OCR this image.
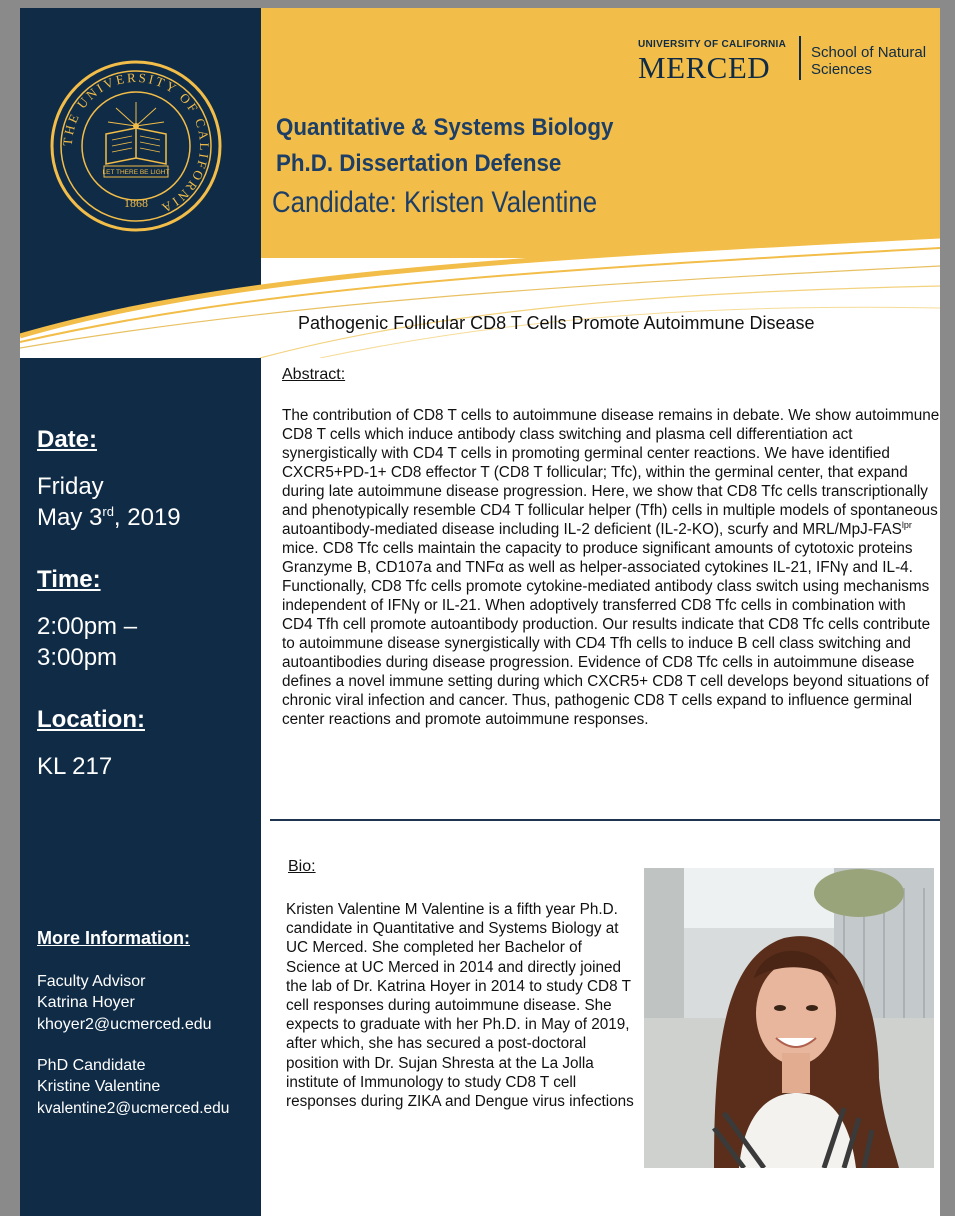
THE UNIVERSITY OF CALIFORNIA
LET THERE BE LIGHT
1868
UNIVERSITY OF CALIFORNIA
MERCED	School of Natural Sciences
Quantitative & Systems Biology
Ph.D. Dissertation Defense
Candidate: Kristen Valentine
Pathogenic Follicular CD8 T Cells Promote Autoimmune Disease
Abstract:

The contribution of CD8 T cells to autoimmune disease remains in debate. We show autoimmune CD8 T cells which induce antibody class switching and plasma cell differentiation act synergistically with CD4 T cells in promoting germinal center reactions. We have identified CXCR5+PD-1+ CD8 effector T (CD8 T follicular; Tfc), within the germinal center, that expand during late autoimmune disease progression. Here, we show that CD8 Tfc cells transcriptionally and phenotypically resemble CD4 T follicular helper (Tfh) cells in multiple models of spontaneous autoantibody-mediated disease including IL-2 deficient (IL-2-KO), scurfy and MRL/$MpJ-FAS^{lpr}$ mice. CD8 Tfc cells maintain the capacity to produce significant amounts of cytotoxic proteins Granzyme B, CD107a and TNFα as well as helper-associated cytokines IL-21, IFNγ and IL-4. Functionally, CD8 Tfc cells promote cytokine-mediated antibody class switch using mechanisms independent of IFNγ or IL-21. When adoptively transferred CD8 Tfc cells in combination with CD4 Tfh cell promote autoantibody production. Our results indicate that CD8 Tfc cells contribute to autoimmune disease synergistically with CD4 Tfh cells to induce B cell class switching and autoantibodies during disease progression. Evidence of CD8 Tfc cells in autoimmune disease defines a novel immune setting during which CXCR5+ CD8 T cell develops beyond situations of chronic viral infection and cancer. Thus, pathogenic CD8 T cells expand to influence germinal center reactions and promote autoimmune responses.

Bio:

Kristen Valentine M Valentine is a fifth year Ph.D. candidate in Quantitative and Systems Biology at UC Merced. She completed her Bachelor of Science at UC Merced in 2014 and directly joined the lab of Dr. Katrina Hoyer in 2014 to study CD8 T cell responses during autoimmune disease. She expects to graduate with her Ph.D. in May of 2019, after which, she has secured a post-doctoral position with Dr. Sujan Shresta at the La Jolla institute of Immunology to study CD8 T cell responses during ZIKA and Dengue virus infections

Date:
Friday
May 3rd, 2019
Time:
2:00pm –
3:00pm
Location:
KL 217
More Information:
Faculty Advisor
Katrina Hoyer
khoyer2@ucmerced.edu
PhD Candidate
Kristine Valentine
kvalentine2@ucmerced.edu
